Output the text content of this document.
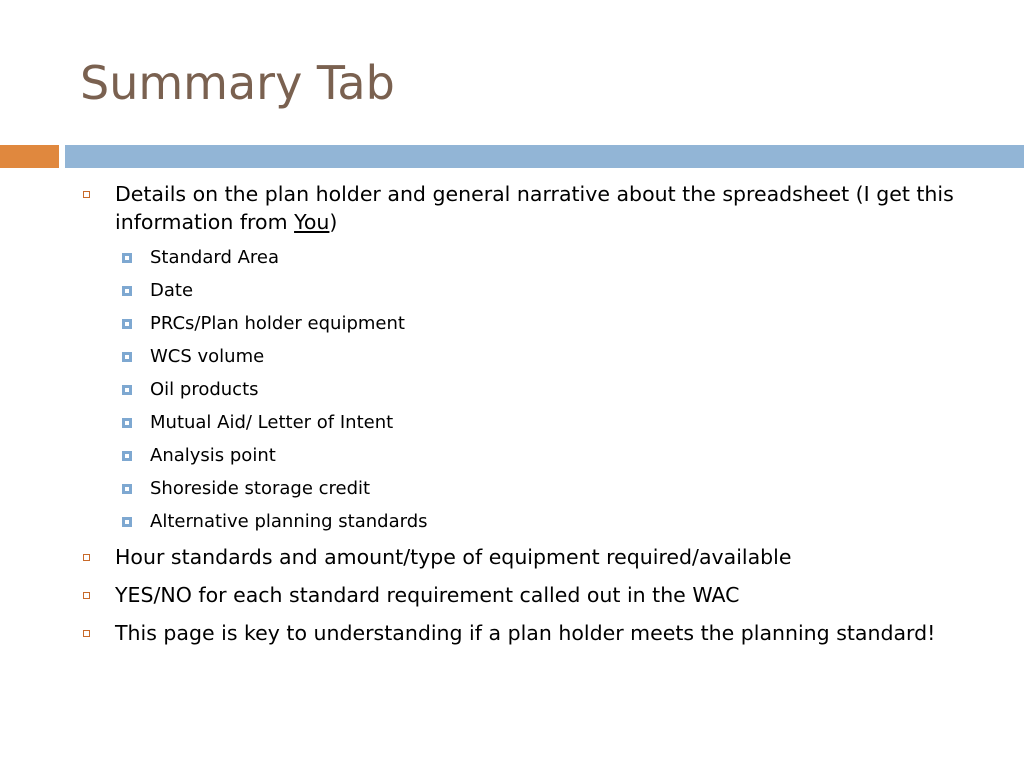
Summary Tab
Details on the plan holder and general narrative about the spreadsheet (I get this information from You)
Standard Area
Date
PRCs/Plan holder equipment
WCS volume
Oil products
Mutual Aid/ Letter of Intent
Analysis point
Shoreside storage credit
Alternative planning standards
Hour standards and amount/type of equipment required/available
YES/NO for each standard requirement called out in the WAC
This page is key to understanding if a plan holder meets the planning standard!
